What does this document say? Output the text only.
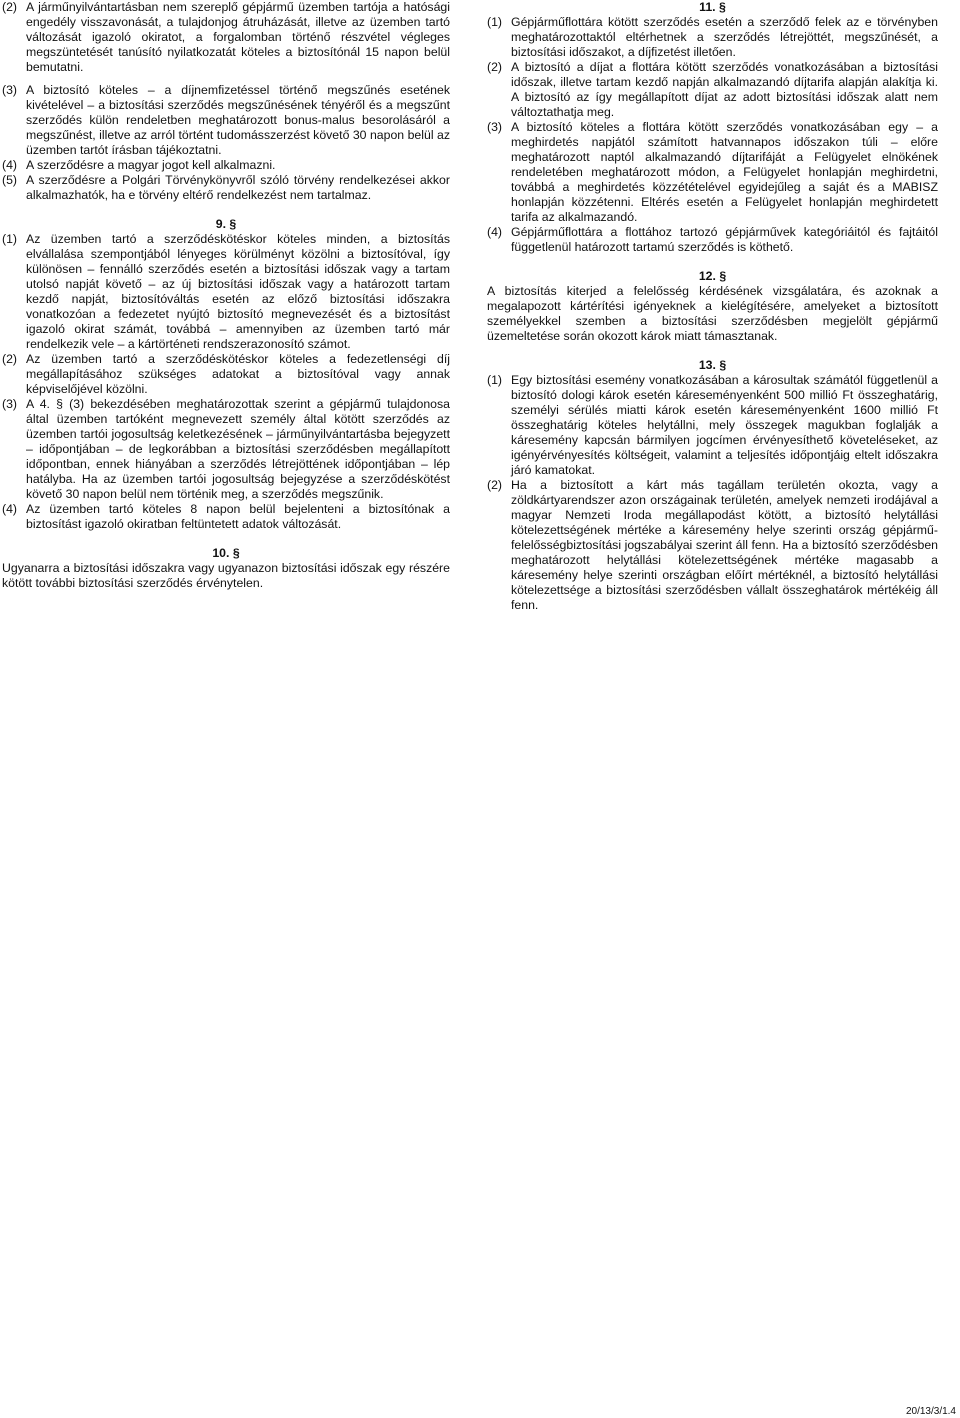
(2) A járműnyilvántartásban nem szereplő gépjármű üzemben tartója a hatósági engedély visszavonását, a tulajdonjog átruházását, illetve az üzemben tartó változását igazoló okiratot, a forgalomban történő részvétel végleges megszüntetését tanúsító nyilatkozatát köteles a biztosítónál 15 napon belül bemutatni.
(3) A biztosító köteles – a díjnemfizetéssel történő megszűnés esetének kivételével – a biztosítási szerződés megszűnésének tényéről és a megszűnt szerződés külön rendeletben meghatározott bonus-malus besorolásáról a megszűnést, illetve az arról történt tudomásszerzést követő 30 napon belül az üzemben tartót írásban tájékoztatni.
(4) A szerződésre a magyar jogot kell alkalmazni.
(5) A szerződésre a Polgári Törvénykönyvről szóló törvény rendelkezései akkor alkalmazhatók, ha e törvény eltérő rendelkezést nem tartalmaz.
9. §
(1) Az üzemben tartó a szerződéskötéskor köteles minden, a biztosítás elvállalása szempontjából lényeges körülményt közölni a biztosítóval, így különösen – fennálló szerződés esetén a biztosítási időszak vagy a tartam utolsó napját követő – az új biztosítási időszak vagy a határozott tartam kezdő napját, biztosítóváltás esetén az előző biztosítási időszakra vonatkozóan a fedezetet nyújtó biztosító megnevezését és a biztosítást igazoló okirat számát, továbbá – amennyiben az üzemben tartó már rendelkezik vele – a kártörténeti rendszerazonosító számot.
(2) Az üzemben tartó a szerződéskötéskor köteles a fedezetlenségi díj megállapításához szükséges adatokat a biztosítóval vagy annak képviselőjével közölni.
(3) A 4. § (3) bekezdésében meghatározottak szerint a gépjármű tulajdonosa által üzemben tartóként megnevezett személy által kötött szerződés az üzemben tartói jogosultság keletkezésének – járműnyilvántartásba bejegyzett – időpontjában – de legkorábban a biztosítási szerződésben megállapított időpontban, ennek hiányában a szerződés létrejöttének időpontjában – lép hatályba. Ha az üzemben tartói jogosultság bejegyzése a szerződéskötést követő 30 napon belül nem történik meg, a szerződés megszűnik.
(4) Az üzemben tartó köteles 8 napon belül bejelenteni a biztosítónak a biztosítást igazoló okiratban feltüntetett adatok változását.
10. §
Ugyanarra a biztosítási időszakra vagy ugyanazon biztosítási időszak egy részére kötött további biztosítási szerződés érvénytelen.
11. §
(1) Gépjárműflottára kötött szerződés esetén a szerződő felek az e törvényben meghatározottaktól eltérhetnek a szerződés létrejöttét, megszűnését, a biztosítási időszakot, a díjfizetést illetően.
(2) A biztosító a díjat a flottára kötött szerződés vonatkozásában a biztosítási időszak, illetve tartam kezdő napján alkalmazandó díjtarifa alapján alakítja ki. A biztosító az így megállapított díjat az adott biztosítási időszak alatt nem változtathatja meg.
(3) A biztosító köteles a flottára kötött szerződés vonatkozásában egy – a meghirdetés napjától számított hatvannapos időszakon túli – előre meghatározott naptól alkalmazandó díjtarifáját a Felügyelet elnökének rendeletében meghatározott módon, a Felügyelet honlapján meghirdetni, továbbá a meghirdetés közzétételével egyidejűleg a saját és a MABISZ honlapján közzétenni. Eltérés esetén a Felügyelet honlapján meghirdetett tarifa az alkalmazandó.
(4) Gépjárműflottára a flottához tartozó gépjárművek kategóriáitól és fajtáitól függetlenül határozott tartamú szerződés is köthető.
12. §
A biztosítás kiterjed a felelősség kérdésének vizsgálatára, és azoknak a megalapozott kártérítési igényeknek a kielégítésére, amelyeket a biztosított személyekkel szemben a biztosítási szerződésben megjelölt gépjármű üzemeltetése során okozott károk miatt támasztanak.
13. §
(1) Egy biztosítási esemény vonatkozásában a károsultak számától függetlenül a biztosító dologi károk esetén káreseményenként 500 millió Ft összeghatárig, személyi sérülés miatti károk esetén káreseményenként 1600 millió Ft összeghatárig köteles helytállni, mely összegek magukban foglalják a káresemény kapcsán bármilyen jogcímen érvényesíthető követeléseket, az igényérvényesítés költségeit, valamint a teljesítés időpontjáig eltelt időszakra járó kamatokat.
(2) Ha a biztosított a kárt más tagállam területén okozta, vagy a zöldkártyarendszer azon országainak területén, amelyek nemzeti irodájával a magyar Nemzeti Iroda megállapodást kötött, a biztosító helytállási kötelezettségének mértéke a káresemény helye szerinti ország gépjármű-felelősségbiztosítási jogszabályai szerint áll fenn. Ha a biztosító szerződésben meghatározott helytállási kötelezettségének mértéke magasabb a káresemény helye szerinti országban előírt mértéknél, a biztosító helytállási kötelezettsége a biztosítási szerződésben vállalt összeghatárok mértékéig áll fenn.
20/13/3/1.4
